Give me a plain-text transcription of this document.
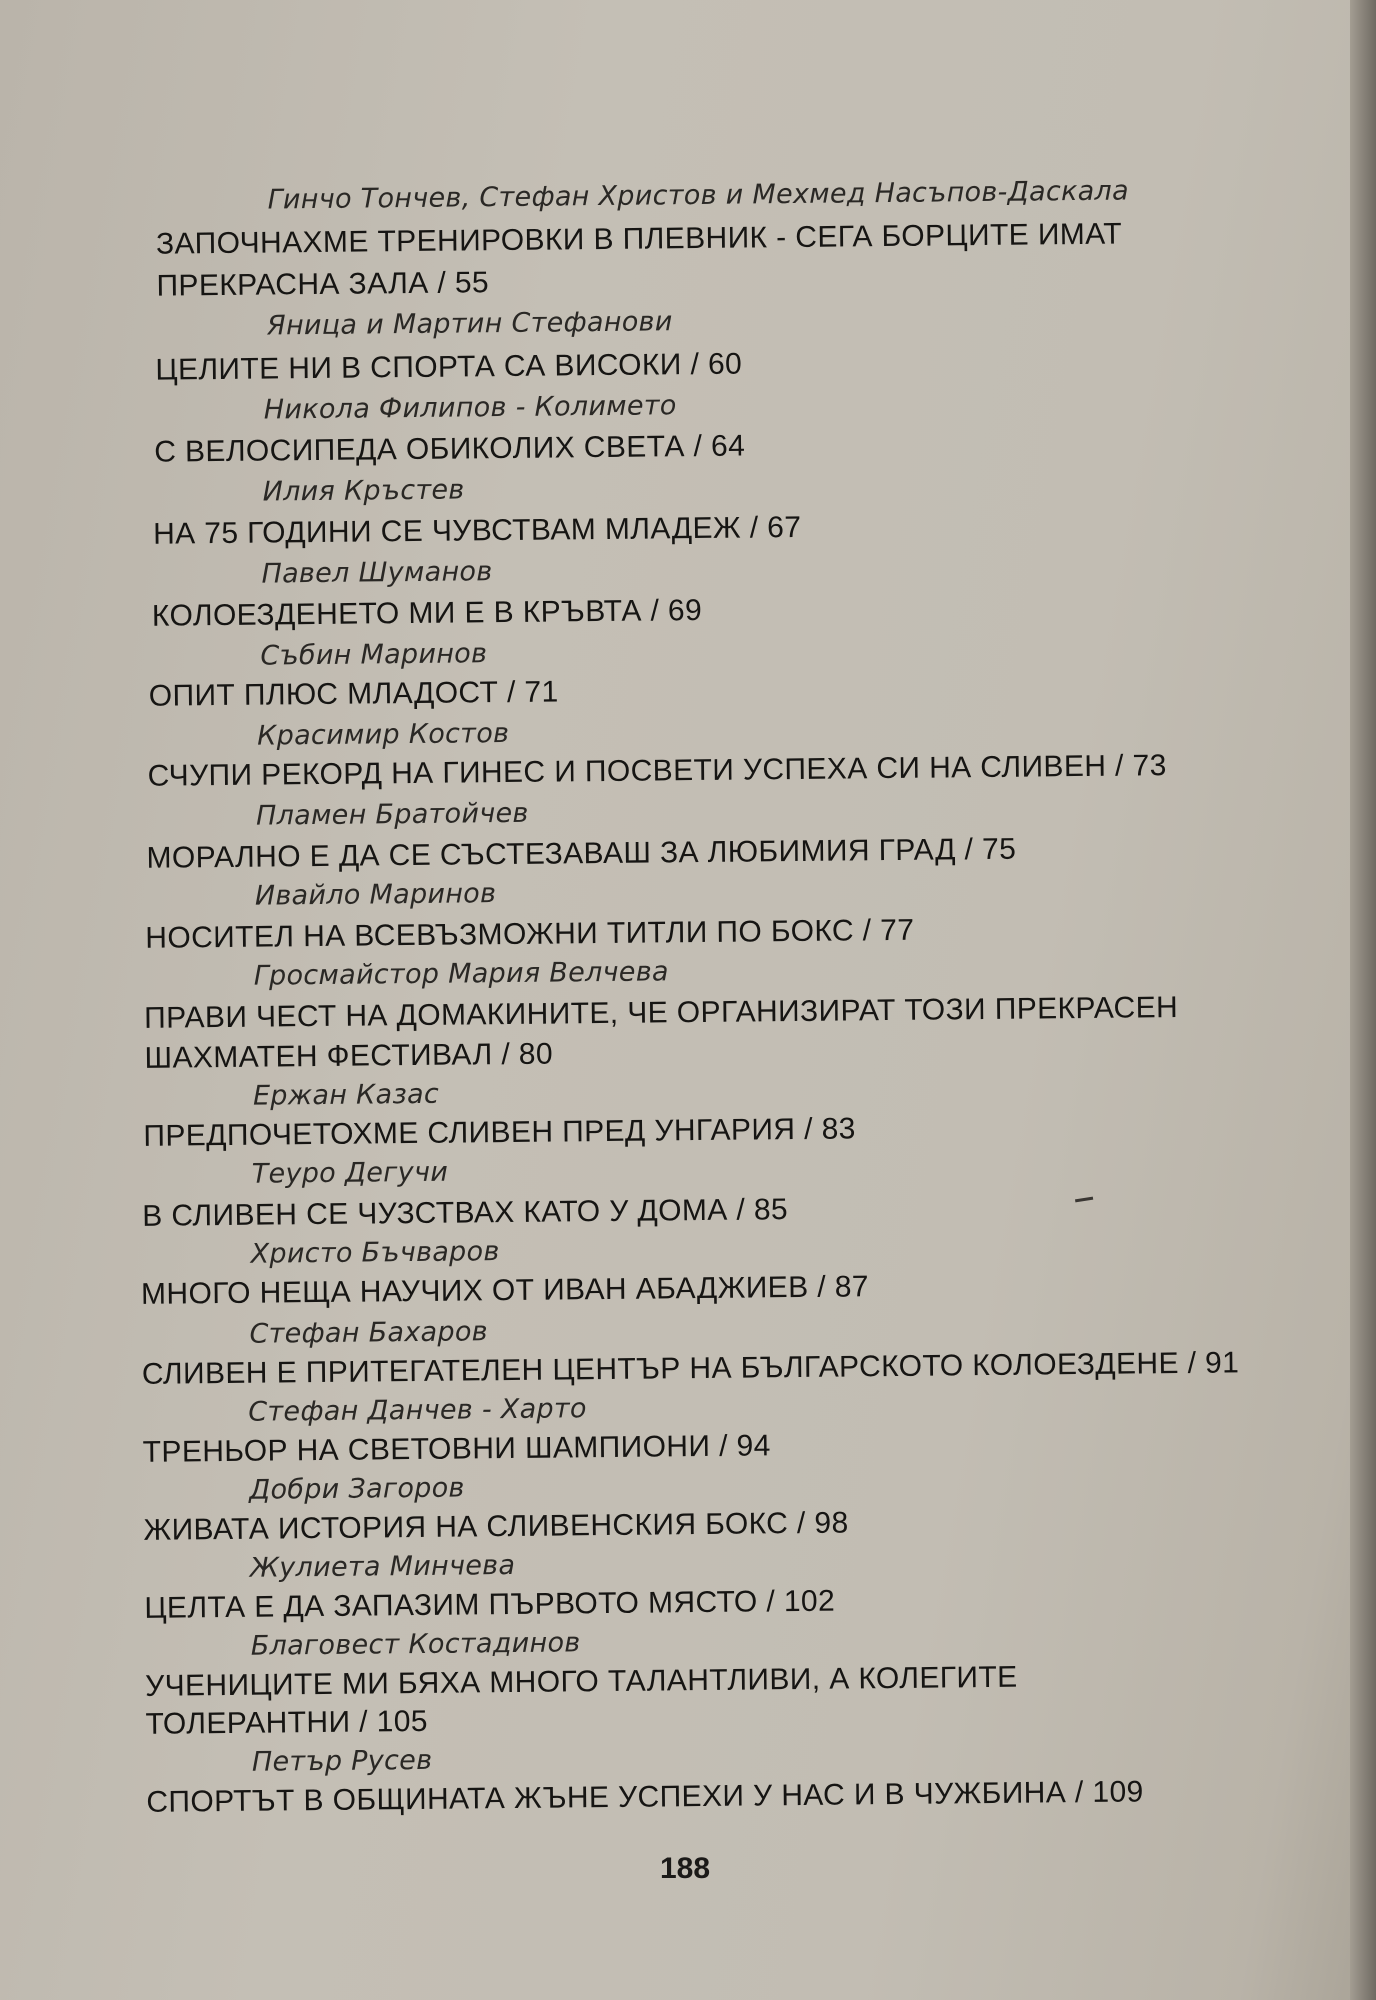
Гинчо Тончев, Стефан Христов и Мехмед Насъпов-Даскала
ЗАПОЧНАХМЕ ТРЕНИРОВКИ В ПЛЕВНИК - СЕГА БОРЦИТЕ ИМАТ
ПРЕКРАСНА ЗАЛА / 55
Яница и Мартин Стефанови
ЦЕЛИТЕ НИ В СПОРТА СА ВИСОКИ / 60
Никола Филипов - Колимето
С ВЕЛОСИПЕДА ОБИКОЛИХ СВЕТА / 64
Илия Кръстев
НА 75 ГОДИНИ СЕ ЧУВСТВАМ МЛАДЕЖ / 67
Павел Шуманов
КОЛОЕЗДЕНЕТО МИ Е В КРЪВТА / 69
Събин Маринов
ОПИТ ПЛЮС МЛАДОСТ / 71
Красимир Костов
СЧУПИ РЕКОРД НА ГИНЕС И ПОСВЕТИ УСПЕХА СИ НА СЛИВЕН / 73
Пламен Братойчев
МОРАЛНО Е ДА СЕ СЪСТЕЗАВАШ ЗА ЛЮБИМИЯ ГРАД / 75
Ивайло Маринов
НОСИТЕЛ НА ВСЕВЪЗМОЖНИ ТИТЛИ ПО БОКС / 77
Гросмайстор Мария Велчева
ПРАВИ ЧЕСТ НА ДОМАКИНИТЕ, ЧЕ ОРГАНИЗИРАТ ТОЗИ ПРЕКРАСЕН
ШАХМАТЕН ФЕСТИВАЛ / 80
Ержан Казас
ПРЕДПОЧЕТОХМЕ СЛИВЕН ПРЕД УНГАРИЯ / 83
Теуро Дегучи
В СЛИВЕН СЕ ЧУЗСТВАХ КАТО У ДОМА / 85
Христо Бъчваров
МНОГО НЕЩА НАУЧИХ ОТ ИВАН АБАДЖИЕВ / 87
Стефан Бахаров
СЛИВЕН Е ПРИТЕГАТЕЛЕН ЦЕНТЪР НА БЪЛГАРСКОТО КОЛОЕЗДЕНЕ / 91
Стефан Данчев - Харто
ТРЕНЬОР НА СВЕТОВНИ ШАМПИОНИ / 94
Добри Загоров
ЖИВАТА ИСТОРИЯ НА СЛИВЕНСКИЯ БОКС / 98
Жулиета Минчева
ЦЕЛТА Е ДА ЗАПАЗИМ ПЪРВОТО МЯСТО / 102
Благовест Костадинов
УЧЕНИЦИТЕ МИ БЯХА МНОГО ТАЛАНТЛИВИ, А КОЛЕГИТЕ
ТОЛЕРАНТНИ / 105
Петър Русев
СПОРТЪТ В ОБЩИНАТА ЖЪНЕ УСПЕХИ У НАС И В ЧУЖБИНА / 109
188
